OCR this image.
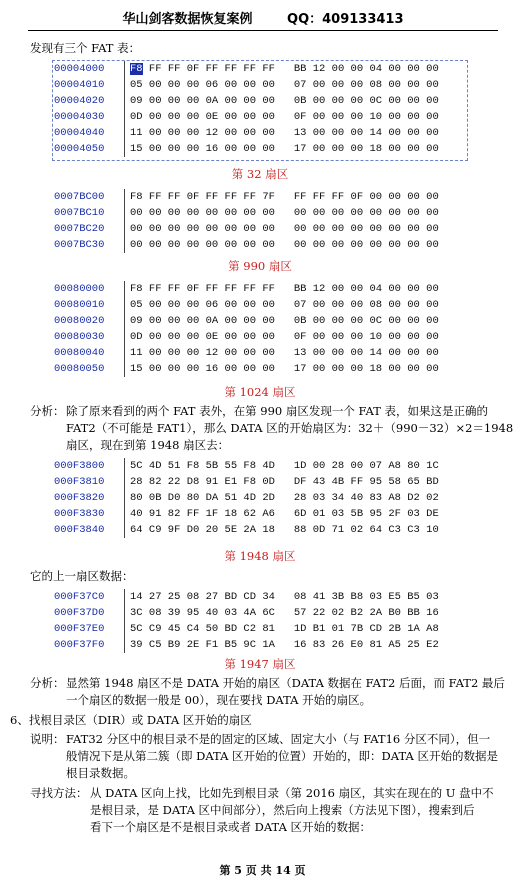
华山剑客数据恢复案例	QQ：409133413
发现有三个 FAT 表：
00004000 F8 FF FF 0F FF FF FF FF   BB 12 00 00 04 00 00 00
00004010 05 00 00 00 06 00 00 00   07 00 00 00 08 00 00 00
00004020 09 00 00 00 0A 00 00 00   0B 00 00 00 0C 00 00 00
00004030 0D 00 00 00 0E 00 00 00   0F 00 00 00 10 00 00 00
00004040 11 00 00 00 12 00 00 00   13 00 00 00 14 00 00 00
00004050 15 00 00 00 16 00 00 00   17 00 00 00 18 00 00 00
第 32 扇区
0007BC00 F8 FF FF 0F FF FF FF 7F   FF FF FF 0F 00 00 00 00
0007BC10 00 00 00 00 00 00 00 00   00 00 00 00 00 00 00 00
0007BC20 00 00 00 00 00 00 00 00   00 00 00 00 00 00 00 00
0007BC30 00 00 00 00 00 00 00 00   00 00 00 00 00 00 00 00
第 990 扇区
00080000 F8 FF FF 0F FF FF FF FF   BB 12 00 00 04 00 00 00
00080010 05 00 00 00 06 00 00 00   07 00 00 00 08 00 00 00
00080020 09 00 00 00 0A 00 00 00   0B 00 00 00 0C 00 00 00
00080030 0D 00 00 00 0E 00 00 00   0F 00 00 00 10 00 00 00
00080040 11 00 00 00 12 00 00 00   13 00 00 00 14 00 00 00
00080050 15 00 00 00 16 00 00 00   17 00 00 00 18 00 00 00
第 1024 扇区
分析： 除了原来看到的两个 FAT 表外，在第 990 扇区发现一个 FAT 表，如果这是正确的
FAT2（不可能是 FAT1），那么 DATA 区的开始扇区为：32＋（990－32）×2＝1948
扇区，现在到第 1948 扇区去：
000F3800 5C 4D 51 F8 5B 55 F8 4D   1D 00 28 00 07 A8 80 1C
000F3810 28 82 22 D8 91 E1 F8 0D   DF 43 4B FF 95 58 65 BD
000F3820 80 0B D0 80 DA 51 4D 2D   28 03 34 40 83 A8 D2 02
000F3830 40 91 82 FF 1F 18 62 A6   6D 01 03 5B 95 2F 03 DE
000F3840 64 C9 9F D0 20 5E 2A 18   88 0D 71 02 64 C3 C3 10
第 1948 扇区
它的上一扇区数据：
000F37C0 14 27 25 08 27 BD CD 34   08 41 3B B8 03 E5 B5 03
000F37D0 3C 08 39 95 40 03 4A 6C   57 22 02 B2 2A B0 BB 16
000F37E0 5C C9 45 C4 50 BD C2 81   1D B1 01 7B CD 2B 1A A8
000F37F0 39 C5 B9 2E F1 B5 9C 1A   16 83 26 E0 81 A5 25 E2
第 1947 扇区
分析： 显然第 1948 扇区不是 DATA 开始的扇区（DATA 数据在 FAT2 后面，而 FAT2 最后
一个扇区的数据一般是 00），现在要找 DATA 开始的扇区。
6、找根目录区（DIR）或 DATA 区开始的扇区
说明： FAT32 分区中的根目录不是的固定的区域、固定大小（与 FAT16 分区不同），但一
般情况下是从第二簇（即 DATA 区开始的位置）开始的，即：DATA 区开始的数据是
根目录数据。
寻找方法： 从 DATA 区向上找，比如先到根目录（第 2016 扇区，其实在现在的 U 盘中不
是根目录，是 DATA 区中间部分），然后向上搜索（方法见下图），搜索到后
看下一个扇区是不是根目录或者 DATA 区开始的数据：
第 5 页 共 14 页
